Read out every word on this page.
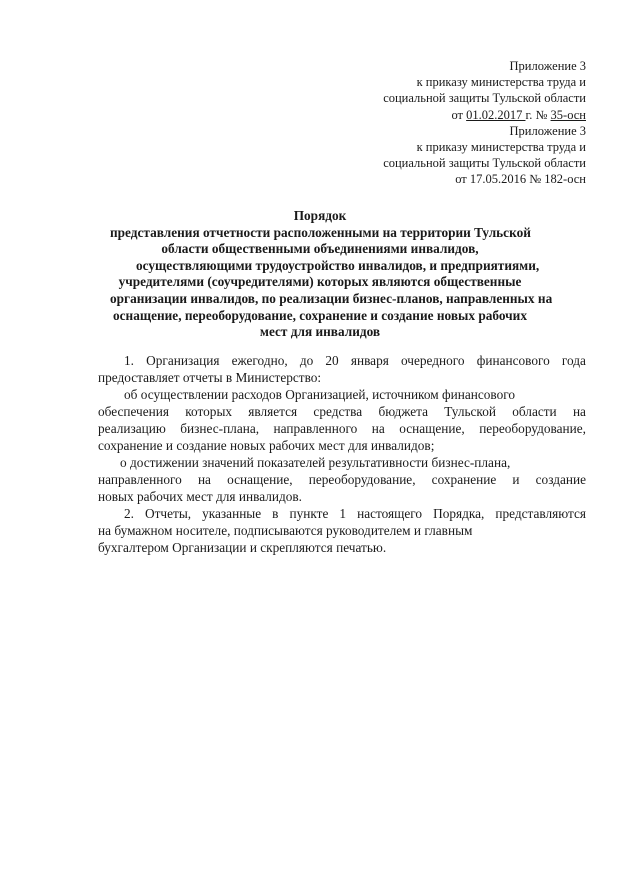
Приложение 3
к приказу министерства труда и
социальной защиты Тульской области
от 01.02.2017 г. № 35-осн
Приложение 3
к приказу министерства труда и
социальной защиты Тульской области
от 17.05.2016 № 182-осн
Порядок
представления отчетности расположенными на территории Тульской
области общественными объединениями инвалидов,
осуществляющими трудоустройство инвалидов, и предприятиями,
учредителями (соучредителями) которых являются общественные
организации инвалидов, по реализации бизнес-планов, направленных на
оснащение, переоборудование, сохранение и создание новых рабочих
мест для инвалидов
1. Организация ежегодно, до 20 января очередного финансового года
предоставляет отчеты в Министерство:
об осуществлении расходов Организацией, источником финансового
обеспечения которых является средства бюджета Тульской области на
реализацию бизнес-плана, направленного на оснащение, переоборудование,
сохранение и создание новых рабочих мест для инвалидов;
о достижении значений показателей результативности бизнес-плана,
направленного на оснащение, переоборудование, сохранение и создание
новых рабочих мест для инвалидов.
2. Отчеты, указанные в пункте 1 настоящего Порядка, представляются
на бумажном носителе, подписываются руководителем и главным
бухгалтером Организации и скрепляются печатью.
